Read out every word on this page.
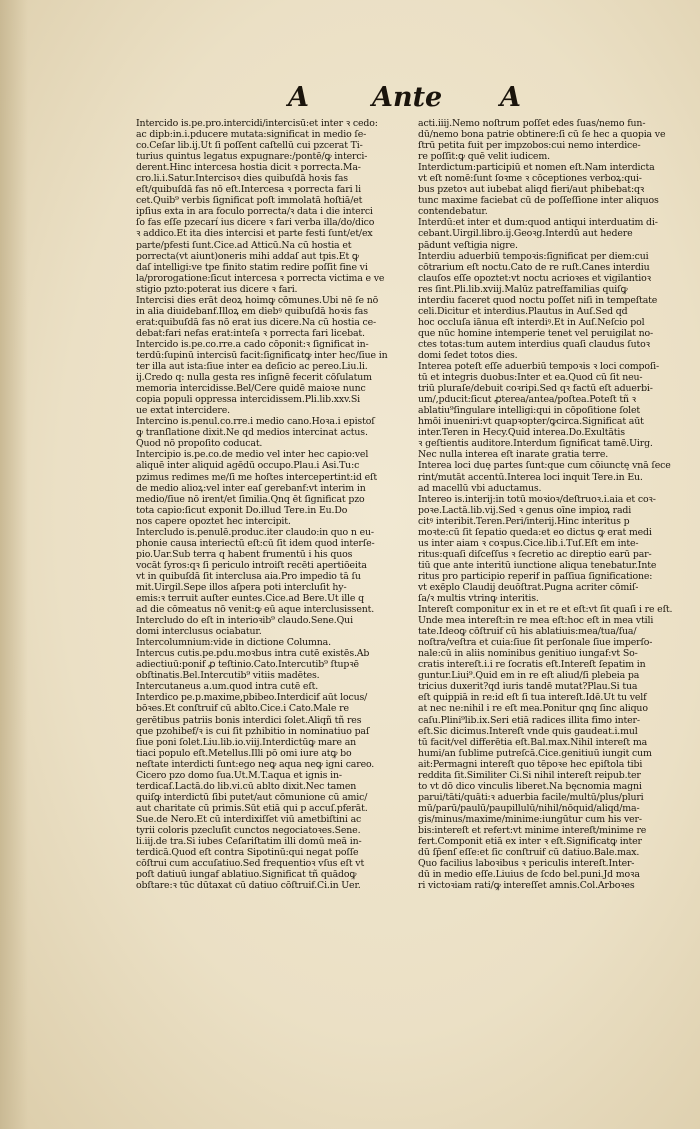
A Ante A
Intercido is.pe.pro.intercidi/intercisū:et inter ꝛ cedo:
ac dipb:in.i.pducere mutata:significat in medio ſe-
co.Ceſar lib.ij.Ut ſi poſſent caſtellū cui pzcerat Ti-
turius quintus legatus expugnare:/pontē/ꝙ interci-
derent.Hinc intercesa hostia dicit ꝛ porrecta.Ma-
cro.li.i.Satur.Intercisoꝛ dies quibuſdā hoꝛis fas
eſt/quibuſdā fas nō eſt.Intercesa ꝛ porrecta fari li
cet.Quib⁹ verbis ſignificat poſt immolatā hoſtiā/et
ipſius exta in ara foculo porrecta/ꝛ data i die interci
ſo fas eſſe pzecarí ius dicere ꝛ fari verba illa/do/dico
ꝛ addico.Et ita dies intercisi et parte festi ſunt/et/ex
parte/pfesti ſunt.Cice.ad Atticū.Na cū hostia et
porrecta(vt aiunt)oneris mihi addaſ aut tpis.Et ꝙ
daſ intelligi:ve tpe finito statim redire poſſit fine vi
la/prorogatione:ſicut intercesa ꝛ porrecta victima e ve
stigio pzto:poterat ius dicere ꝛ fari.
Intercisi dies erāt deoꝝ hoimꝙ cōmunes.Ubi nē ſe nō
in alia diuidebanf.Illoꝝ em diebꝰ quibuſdā hoꝛis fas
erat:quibuſdā fas nō erat ius dicere.Na cū hostia ce-
debat:fari nefas erat:inteſa ꝛ porrecta fari licebat.
Intercido is.pe.co.rre.a cado cōponit:ꝛ ſignificat in-
terdū:ſupinū intercisū facit:ſignificatꝙ inter hec/ſiue in
ter illa aut ista:ſiue inter ea deſicio ac pereo.Liu.li.
ij.Credo q: nulla gesta res inſignē fecerit cōſulatum
memoria intercidisse.Bel/Cere quidē maioꝛe nunc
copia populi oppressa intercidissem.Pli.lib.xxv.Si
ue extat intercidere.
Intercino is.penul.co.rre.i medio cano.Hoꝛa.i epistoſ
ꝙ tranſlatione dixit.Ne qd medios intercinat actus.
Quod nō propoſito coducat.
Intercipio is.pe.co.de medio vel inter hec capio:vel
aliquē inter aliquid agēdū occupo.Plau.i Asi.Tu:c
pzimus redimes me/ſi me hoſtes intercepertint:id eſt
de medio alioꝝ:vel inter eaſ gerebanf:vt interim in
medio/ſiue nō irent/et ſimilia.Qnq ēt ſignificat pzo
tota capio:ſicut exponit Do.illud Tere.in Eu.Do
nos capere opoztet hec intercipit.
Intercludo is.penulē.produc.iter claudo:in quo n eu-
phonie causa interiectū eſt:cū ſit idem quod interſe-
pio.Uar.Sub terra q habent frumentū i his quos
vocāt ſyros:qꝛ ſi periculo introiſt recēti apertiōeita
vt in quibuſdā ſit interclusa aia.Pro impedio tā ſu
mit.Uirgil.Sepe illos aſpera poti intercluſit hy-
emis:ꝛ terruit auſter euntes.Cice.ad Bere.Ut ille q
ad die cōmeatus nō venit:ꝙ eū aque interclusissent.
Intercludo do eſt in interioꝛib⁹ claudo.Sene.Qui
domi interclusus ociabatur.
Intercolumnium:vide in dictione Columna.
Intercus cutis.pe.pdu.moꝛbus intra cutē existēs.Ab
adiectiuū:ponif ꝓ teſtinio.Cato.Intercutib⁹ ſtupꝛē
obſtinatis.Bel.Intercutib⁹ vitiis madētes.
Intercutaneus a.um.quod intra cutē eſt.
Interdico pe.p.maxime,pbibeo.Interdicif aūt locus/
bōꝛes.Et conſtruif cū ablto.Cice.i Cato.Male re
gerētibus patriis bonis interdici ſolet.Aliqñ tñ res
que pzohibef/ꝛ is cui ſit pzhibitio in nominatiuo paſ
ſiue poni ſolet.Liu.lib.io.viij.Interdictūꝙ mare an
tiaci populo eſt.Metellus.Illi pō omi iure atꝙ bo
neſtate interdicti ſunt:ego neꝙ aqua neꝙ igni careo.
Cicero pzo domo ſua.Ut.M.T.aqua et ignis in-
terdicaſ.Lactā.do lib.vi.cū ablto dixit.Nec tamen
quiſꝙ interdictū ſibi putet/aut cōmunione cū amic/
aut charitate cū primis.Sūt etiā qui p accuſ.pferāt.
Sue.de Nero.Et cū interdixiſſet viū ametbiſtini ac
tyrii coloris pzecluſit cunctos negociatoꝛes.Sene.
li.iij.de tra.Si iubes Ceſariſtatim illi domū meā in-
terdicā.Quod eſt contra Sipotinū:qui negat poſſe
cōſtrui cum accuſatiuo.Sed frequentioꝛ vſus eſt vt
poſt datiuū iungaf ablatiuo.Significat tñ quādoꝙ
obſtare:ꝛ tūc dūtaxat cū datiuo cōſtruif.Ci.in Uer.
acti.iiij.Nemo noſtrum poſſet edes ſuas/nemo fun-
dū/nemo bona patrie obtinere:ſi cū ſe hec a quopia ve
ſtrū petita fuit per impzobos:cui nemo interdice-
re poſſit:ꝙ quē velit iudicem.
Interdictum:participiū et nomen eſt.Nam interdicta
vt eſt nomē:ſunt ſoꝛme ꝛ cōceptiones verboꝝ:qui-
bus pzetoꝛ aut iubebat aliqd fieri/aut phibebat:qꝛ
tunc maxime faciebat cū de poſſeſſione inter aliquos
contendebatur.
Interdū:et inter et dum:quod antiqui interduatim di-
cebant.Uirgil.libro.ij.Geoꝛg.Interdū aut hedere
pādunt veſtigia nigre.
Interdiu aduerbiū tempoꝛis:ſignificat per diem:cui
cōtrarium eſt noctu.Cato de re ruſt.Canes interdiu
clauſos eſſe opoztet:vt noctu acrioꝛes et vigilantioꝛ
res ſint.Pli.lib.xviij.Malūz patreſfamilias quiſꝙ
interdiu faceret quod noctu poſſet niſi in tempeſtate
celi.Dicitur et interdius.Plautus in Auſ.Sed qd
hoc occluſa iānua eſt interdiꝰ.Et in Auſ.Neſcio pol
que nūc homine intemperie tenet vel peruigilat no-
ctes totas:tum autem interdius quaſi claudus ſutoꝛ
domi ſedet totos dies.
Interea poteſt eſſe aduerbiū tempoꝛis ꝛ loci compoſi-
tū et integris duobus:Inter et ea.Quod cū ſit neu-
triū pluraſe/debuit coꝛripi.Sed qꝛ factū eſt aduerbi-
um/,pducit:ſicut ꝓterea/antea/poſtea.Poteſt tñ ꝛ
ablatiu⁹ſingulare intelligi:qui in cōpoſitione ſolet
hmōi inueniri:vt quapꝛopter/ꝙcirca.Significat aūt
inter.Teren in Hecy.Quid interea.Do.Exultātis
ꝛ geſtientis auditore.Interdum ſignificat tamē.Uirg.
Nec nulla interea eſt inarate gratia terre.
Interea loci duę partes ſunt:que cum cōiunctę vnā ſece
rint/mutāt accentū.Interea loci inquit Tere.in Eu.
ad macellū vbi aductamus.
Intereo is.interij:in totū moꝛioꝛ/deſtruoꝛ.i.aia et coꝛ-
poꝛe.Lactā.lib.vij.Sed ꝛ genus oīne impioꝝ radi
citꝰ interibit.Teren.Peri/interij.Hinc interitus p
moꝛte:cū ſit ſepatio queda:et eo dictus ꝙ erat medi
us inter aiam ꝛ coꝛpus.Cice.lib.i.Tuſ.Eſt em inte-
ritus:quaſi diſceſſus ꝛ ſecretio ac direptio earū par-
tiū que ante interitū iunctione aliqua tenebatur.Inte
ritus pro participio reperif in paſſiua ſignificatione:
vt exēplo Claudij deuōſtrat.Pugna acriter cōmiſ-
ſa/ꝛ multis vtrinꝙ interitis.
Intereſt componitur ex in et re et eſt:vt ſit quaſi i re eſt.
Unde mea intereſt:in re mea eſt:hoc eſt in mea vtili
tate.Ideoꝙ cōſtruif cū his ablatiuis:mea/tua/ſua/
noſtra/veſtra et cuia:ſiue ſit perſonale ſiue imperſo-
nale:cū in aliis nominibus genitiuo iungaf:vt So-
cratis intereſt.i.i re ſocratis eſt.Intereſt ſepatim in
guntur.Liui⁹.Quid em in re eſt aliud/ſi plebeia pa
tricius duxerit?qd iuris tandē mutat?Plau.Si tua
eſt quippiā in re:id eſt ſi tua intereſt.Idē.Ut tu velf
at nec ne:nihil i re eſt mea.Ponitur qnq ſinc aliquo
caſu.Plini⁹lib.ix.Seri etiā radices illita fimo inter-
eſt.Sic dicimus.Intereſt vnde quis gaudeat.i.mul
tū facit/vel differētia eſt.Bal.max.Nihil intereſt ma
humi/an ſublime putreſcā.Cice.genitiuū iungit cum
ait:Permagni intereſt quo tēpoꝛe hec epiſtola tibi
reddita ſit.Similiter Ci.Si nihil intereſt reipub.ter
to vt dō dico vinculis liberet.Na bęcnomia magni
parui/tāti/quāti:ꝛ aduerbia facile/multū/plus/pluri
mū/parū/paulū/paupillulū/nihil/nōquid/aliqd/ma-
gis/minus/maxime/minime:iungūtur cum his ver-
bis:intereſt et refert:vt minime intereſt/minime re
fert.Componit etiā ex inter ꝛ eſt.Significatꝙ inter
dū ſp̄enſ eſſe:et ſic conſtruif cū datiuo.Bale.max.
Quo facilius laboꝛibus ꝛ periculis intereſt.Inter-
dū in medio eſſe.Liuius de ſcdo bel.puni.Jd moꝛa
ri victoꝛiam rati/ꝙ intereſſet amnis.Col.Arboꝛes
